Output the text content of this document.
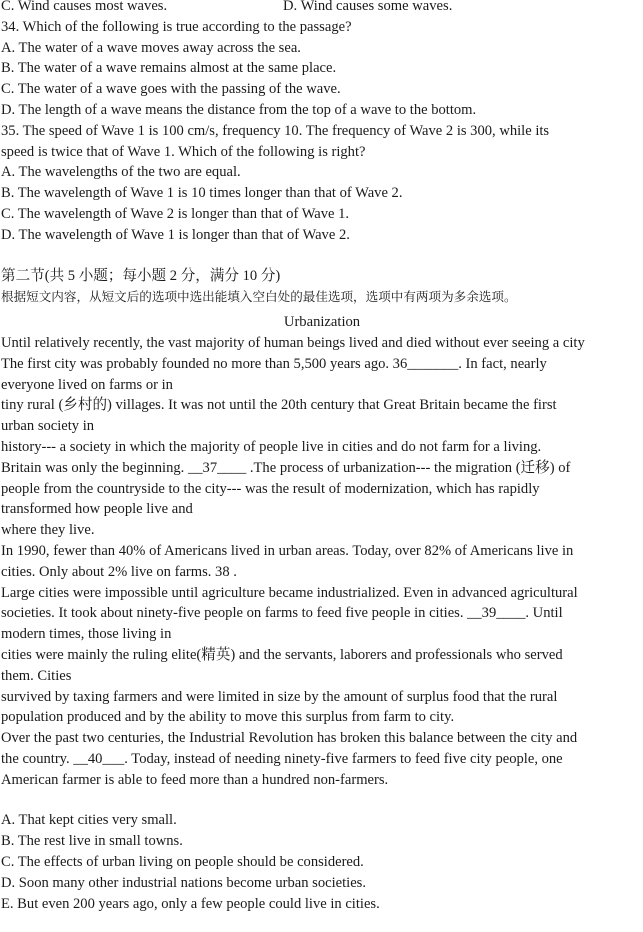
C. Wind causes most waves.	D. Wind causes some waves.
34. Which of the following is true according to the passage?
A. The water of a wave moves away across the sea.
B. The water of a wave remains almost at the same place.
C. The water of a wave goes with the passing of the wave.
D. The length of a wave means the distance from the top of a wave to the bottom.
35. The speed of Wave 1 is 100 cm/s, frequency 10. The frequency of Wave 2 is 300, while its
speed is twice that of Wave 1. Which of the following is right?
A. The wavelengths of the two are equal.
B. The wavelength of Wave 1 is 10 times longer than that of Wave 2.
C. The wavelength of Wave 2 is longer than that of Wave 1.
D. The wavelength of Wave 1 is longer than that of Wave 2.
第二节(共 5 小题；每小题 2 分，满分 10 分)
根据短文内容，从短文后的选项中选出能填入空白处的最佳选项，选项中有两项为多余选项。
Urbanization
Until relatively recently, the vast majority of human beings lived and died without ever seeing a city
The first city was probably founded no more than 5,500 years ago. 36_______. In fact, nearly
everyone lived on farms or in
tiny rural (乡村的) villages. It was not until the 20th century that Great Britain became the first
urban society in
history--- a society in which the majority of people live in cities and do not farm for a living.
Britain was only the beginning. __37____ .The process of urbanization--- the migration (迁移) of
people from the countryside to the city--- was the result of modernization, which has rapidly
transformed how people live and
where they live.
In 1990, fewer than 40% of Americans lived in urban areas. Today, over 82% of Americans live in
cities. Only about 2% live on farms. 38 .
Large cities were impossible until agriculture became industrialized. Even in advanced agricultural
societies. It took about ninety-five people on farms to feed five people in cities. __39____. Until
modern times, those living in
cities were mainly the ruling elite(精英) and the servants, laborers and professionals who served
them. Cities
survived by taxing farmers and were limited in size by the amount of surplus food that the rural
population produced and by the ability to move this surplus from farm to city.
Over the past two centuries, the Industrial Revolution has broken this balance between the city and
the country. __40___. Today, instead of needing ninety-five farmers to feed five city people, one
American farmer is able to feed more than a hundred non-farmers.
A. That kept cities very small.
B. The rest live in small towns.
C. The effects of urban living on people should be considered.
D. Soon many other industrial nations become urban societies.
E. But even 200 years ago, only a few people could live in cities.
